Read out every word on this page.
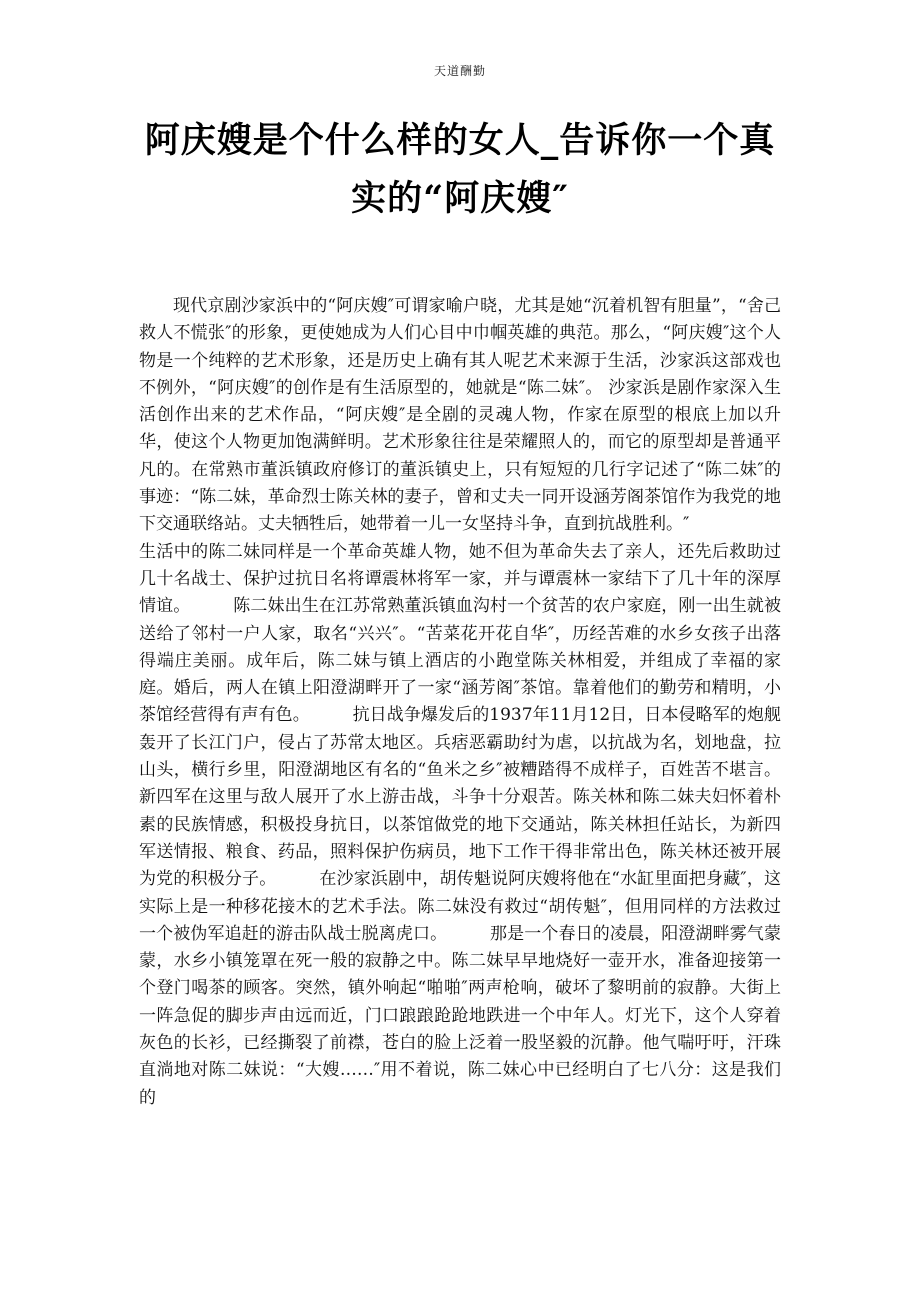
天道酬勤
阿庆嫂是个什么样的女人_告诉你一个真实的“阿庆嫂″

现代京剧沙家浜中的“阿庆嫂″可谓家喻户晓，尤其是她“沉着机智有胆量”，“舍己救人不慌张″的形象，更使她成为人们心目中巾帼英雄的典范。那么，“阿庆嫂″这个人物是一个纯粹的艺术形象，还是历史上确有其人呢艺术来源于生活，沙家浜这部戏也不例外，“阿庆嫂″的创作是有生活原型的，她就是“陈二妹″。 沙家浜是剧作家深入生活创作出来的艺术作品，“阿庆嫂″是全剧的灵魂人物，作家在原型的根底上加以升华，使这个人物更加饱满鲜明。艺术形象往往是荣耀照人的，而它的原型却是普通平凡的。在常熟市董浜镇政府修订的董浜镇史上，只有短短的几行字记述了“陈二妹″的事迹：“陈二妹，革命烈士陈关林的妻子，曾和丈夫一同开设涵芳阁茶馆作为我党的地下交通联络站。丈夫牺牲后，她带着一儿一女坚持斗争，直到抗战胜利。″

生活中的陈二妹同样是一个革命英雄人物，她不但为革命失去了亲人，还先后救助过几十名战士、保护过抗日名将谭震林将军一家，并与谭震林一家结下了几十年的深厚情谊。　　　陈二妹出生在江苏常熟董浜镇血沟村一个贫苦的农户家庭，刚一出生就被送给了邻村一户人家，取名“兴兴″。“苦菜花开花自华″，历经苦难的水乡女孩子出落得端庄美丽。成年后，陈二妹与镇上酒店的小跑堂陈关林相爱，并组成了幸福的家庭。婚后，两人在镇上阳澄湖畔开了一家“涵芳阁″茶馆。靠着他们的勤劳和精明，小茶馆经营得有声有色。　　　抗日战争爆发后的1937年11月12日，日本侵略军的炮舰轰开了长江门户，侵占了苏常太地区。兵痞恶霸助纣为虐，以抗战为名，划地盘，拉山头，横行乡里，阳澄湖地区有名的“鱼米之乡″被糟踏得不成样子，百姓苦不堪言。新四军在这里与敌人展开了水上游击战，斗争十分艰苦。陈关林和陈二妹夫妇怀着朴素的民族情感，积极投身抗日，以茶馆做党的地下交通站，陈关林担任站长，为新四军送情报、粮食、药品，照料保护伤病员，地下工作干得非常出色，陈关林还被开展为党的积极分子。　　　在沙家浜剧中，胡传魁说阿庆嫂将他在“水缸里面把身藏″，这实际上是一种移花接木的艺术手法。陈二妹没有救过“胡传魁″，但用同样的方法救过一个被伪军追赶的游击队战士脱离虎口。　　　那是一个春日的凌晨，阳澄湖畔雾气蒙蒙，水乡小镇笼罩在死一般的寂静之中。陈二妹早早地烧好一壶开水，准备迎接第一个登门喝茶的顾客。突然，镇外响起“啪啪″两声枪响，破坏了黎明前的寂静。大街上一阵急促的脚步声由远而近，门口踉踉跄跄地跌进一个中年人。灯光下，这个人穿着灰色的长衫，已经撕裂了前襟，苍白的脸上泛着一股坚毅的沉静。他气喘吁吁，汗珠直淌地对陈二妹说：“大嫂……″用不着说，陈二妹心中已经明白了七八分：这是我们的
